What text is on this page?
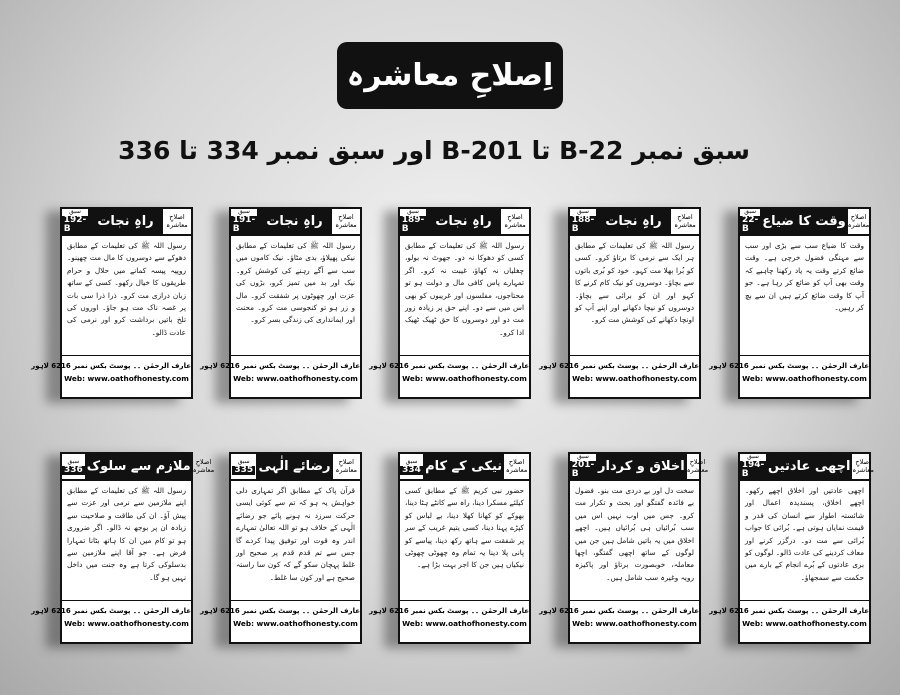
اِصلاحِ معاشرہ
سبق نمبر 22-B تا 201-B اور سبق نمبر 334 تا 336
سبق
22-B	وقت کا ضیاع اصلاحِ معاشرہ
وقت کا ضیاع سب سے بڑی اور سب سے مہنگی فضول خرچی ہے۔ وقت ضائع کرتے وقت یہ یاد رکھنا چاہیے کہ وقت بھی آپ کو ضائع کر رہا ہے۔ جو آپ کا وقت ضائع کرتے ہیں ان سے بچ کر رہیں۔
عارف الرحمٰن ۔۔ پوسٹ بکس نمبر 6216 لاہور
Web: www.oathofhonesty.com
سبق
188-B	راہِ نجات	اصلاحِ معاشرہ
رسول اللہ ﷺ کی تعلیمات کے مطابق ہر ایک سے نرمی کا برتاؤ کرو۔ کسی کو بُرا بھلا مت کہو۔ خود کو بُری باتوں سے بچاؤ۔ دوسروں کو نیک کام کرنے کا کہو اور ان کو برائی سے بچاؤ۔ دوسروں کو نیچا دکھانے اور اپنے آپ کو اونچا دکھانے کی کوشش مت کرو۔
عارف الرحمٰن ۔۔ پوسٹ بکس نمبر 6216 لاہور
Web: www.oathofhonesty.com
سبق
189-B	راہِ نجات	اصلاحِ معاشرہ
رسول اللہ ﷺ کی تعلیمات کے مطابق کسی کو دھوکا نہ دو۔ جھوٹ نہ بولو، چغلیاں نہ کھاؤ، غیبت نہ کرو۔ اگر تمہارے پاس کافی مال و دولت ہو تو محتاجوں، مفلسوں اور غریبوں کو بھی اس میں سے دو۔ اپنے حق پر زیادہ زور مت دو اور دوسروں کا حق ٹھیک ٹھیک ادا کرو۔
عارف الرحمٰن ۔۔ پوسٹ بکس نمبر 6216 لاہور
Web: www.oathofhonesty.com
سبق
191-B	راہِ نجات	اصلاحِ معاشرہ
رسول اللہ ﷺ کی تعلیمات کے مطابق نیکی پھیلاؤ، بدی مٹاؤ۔ نیک کاموں میں سب سے آگے رہنے کی کوشش کرو۔ نیک اور بد میں تمیز کرو، بڑوں کی عزت اور چھوٹوں پر شفقت کرو۔ مال و زر ہو تو کنجوسی مت کرو۔ محنت اور ایمانداری کی زندگی بسر کرو۔
عارف الرحمٰن ۔۔ پوسٹ بکس نمبر 6216 لاہور
Web: www.oathofhonesty.com
سبق
192-B	راہِ نجات	اصلاحِ معاشرہ
رسول اللہ ﷺ کی تعلیمات کے مطابق دھوکے سے دوسروں کا مال مت چھینو۔ روپیہ پیسہ کمانے میں حلال و حرام طریقوں کا خیال رکھو۔ کسی کے ساتھ زبان درازی مت کرو۔ ذرا ذرا سی بات پر غصہ ناک مت ہو جاؤ۔ اوروں کی تلخ باتیں برداشت کرو اور نرمی کی عادت ڈالو۔
عارف الرحمٰن ۔۔ پوسٹ بکس نمبر 6216 لاہور
Web: www.oathofhonesty.com
سبق
194-B	اچھی عادتیں اصلاحِ معاشرہ
اچھی عادتیں اور اخلاق اچھے رکھو۔ اچھے اخلاق، پسندیدہ اعمال اور شائستہ اطوار سے انسان کی قدر و قیمت نمایاں ہوتی ہے۔ بُرائی کا جواب بُرائی سے مت دو۔ درگزر کرنے اور معاف کردینے کی عادت ڈالو۔ لوگوں کو بری عادتوں کے بُرے انجام کے بارے میں حکمت سے سمجھاؤ۔
عارف الرحمٰن ۔۔ پوسٹ بکس نمبر 6216 لاہور
Web: www.oathofhonesty.com
سبق
201-B	اخلاق و کردار اصلاحِ معاشرہ
سخت دل اور بے دردی مت بنو۔ فضول بے فائدہ گفتگو اور بحث و تکرار مت کرو۔ جس میں اوب نہیں اس میں سب بُرائیاں ہی بُرائیاں ہیں۔ اچھے اخلاق میں یہ باتیں شامل ہیں جن میں لوگوں کے ساتھ اچھی گفتگو، اچھا معاملہ، خوبصورت برتاؤ اور پاکیزہ رویہ وغیرہ سب شامل ہیں۔
عارف الرحمٰن ۔۔ پوسٹ بکس نمبر 6216 لاہور
Web: www.oathofhonesty.com
سبق
334 نیکی کے کام	اصلاحِ معاشرہ
حضور نبی کریم ﷺ کے مطابق کسی کیلئے مسکرا دینا، راہ سے کانٹے ہٹا دینا، بھوکے کو کھانا کھلا دینا، بے لباس کو کپڑے پہنا دینا، کسی یتیم غریب کے سر پر شفقت سے ہاتھ رکھ دینا، پیاسے کو پانی پلا دینا یہ تمام وہ چھوٹی چھوٹی نیکیاں ہیں جن کا اجر بہت بڑا ہے۔
عارف الرحمٰن ۔۔ پوسٹ بکس نمبر 6216 لاہور
Web: www.oathofhonesty.com
سبق
335 رضائے الٰہی	اصلاحِ معاشرہ
قرآن پاک کے مطابق اگر تمہاری دلی خواہش یہ ہو کہ تم سے کوئی ایسی حرکت سرزد نہ ہونے پائے جو رضائے الٰہی کے خلاف ہو تو اللہ تعالیٰ تمہارے اندر وہ قوت اور توفیق پیدا کردے گا جس سے تم قدم قدم پر صحیح اور غلط پہچان سکو گے کہ کون سا راستہ صحیح ہے اور کون سا غلط۔
عارف الرحمٰن ۔۔ پوسٹ بکس نمبر 6216 لاہور
Web: www.oathofhonesty.com
سبق
336 ملازم سے سلوک اصلاحِ معاشرہ
رسول اللہ ﷺ کی تعلیمات کے مطابق اپنے ملازمین سے نرمی اور عزت سے پیش آؤ۔ ان کی طاقت و صلاحیت سے زیادہ ان پر بوجھ نہ ڈالو۔ اگر ضروری ہو تو کام میں ان کا ہاتھ بٹانا تمہارا فرض ہے۔ جو آقا اپنے ملازمین سے بدسلوکی کرتا ہے وہ جنت میں داخل نہیں ہو گا۔
عارف الرحمٰن ۔۔ پوسٹ بکس نمبر 6216 لاہور
Web: www.oathofhonesty.com
